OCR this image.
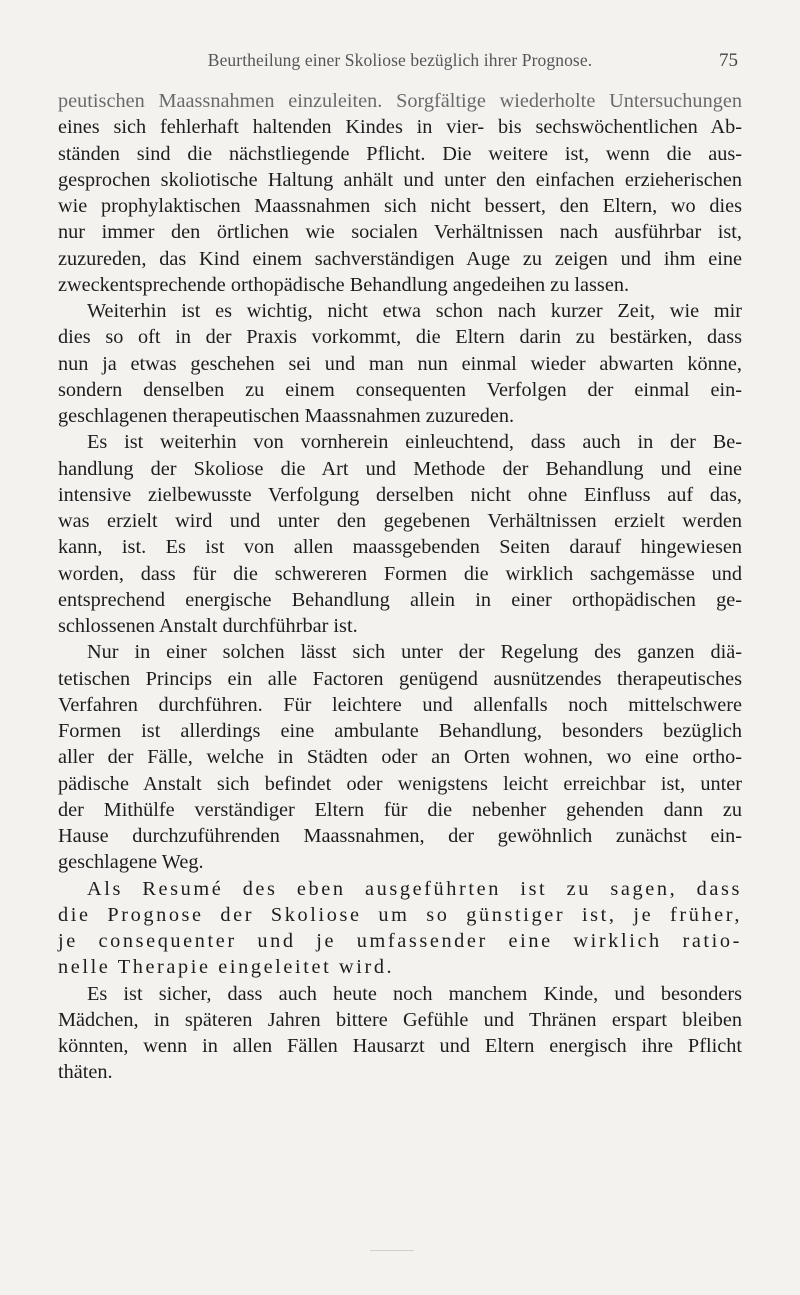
Beurtheilung einer Skoliose bezüglich ihrer Prognose.	75
peutischen Maassnahmen einzuleiten. Sorgfältige wiederholte Untersuchungen
eines sich fehlerhaft haltenden Kindes in vier- bis sechswöchentlichen Ab-
ständen sind die nächstliegende Pflicht. Die weitere ist, wenn die aus-
gesprochen skoliotische Haltung anhält und unter den einfachen erzieherischen
wie prophylaktischen Maassnahmen sich nicht bessert, den Eltern, wo dies
nur immer den örtlichen wie socialen Verhältnissen nach ausführbar ist,
zuzureden, das Kind einem sachverständigen Auge zu zeigen und ihm eine
zweckentsprechende orthopädische Behandlung angedeihen zu lassen.
Weiterhin ist es wichtig, nicht etwa schon nach kurzer Zeit, wie mir
dies so oft in der Praxis vorkommt, die Eltern darin zu bestärken, dass
nun ja etwas geschehen sei und man nun einmal wieder abwarten könne,
sondern denselben zu einem consequenten Verfolgen der einmal ein-
geschlagenen therapeutischen Maassnahmen zuzureden.
Es ist weiterhin von vornherein einleuchtend, dass auch in der Be-
handlung der Skoliose die Art und Methode der Behandlung und eine
intensive zielbewusste Verfolgung derselben nicht ohne Einfluss auf das,
was erzielt wird und unter den gegebenen Verhältnissen erzielt werden
kann, ist. Es ist von allen maassgebenden Seiten darauf hingewiesen
worden, dass für die schwereren Formen die wirklich sachgemässe und
entsprechend energische Behandlung allein in einer orthopädischen ge-
schlossenen Anstalt durchführbar ist.
Nur in einer solchen lässt sich unter der Regelung des ganzen diä-
tetischen Princips ein alle Factoren genügend ausnützendes therapeutisches
Verfahren durchführen. Für leichtere und allenfalls noch mittelschwere
Formen ist allerdings eine ambulante Behandlung, besonders bezüglich
aller der Fälle, welche in Städten oder an Orten wohnen, wo eine ortho-
pädische Anstalt sich befindet oder wenigstens leicht erreichbar ist, unter
der Mithülfe verständiger Eltern für die nebenher gehenden dann zu
Hause durchzuführenden Maassnahmen, der gewöhnlich zunächst ein-
geschlagene Weg.
Als Resumé des eben ausgeführten ist zu sagen, dass
die Prognose der Skoliose um so günstiger ist, je früher,
je consequenter und je umfassender eine wirklich ratio-
nelle Therapie eingeleitet wird.
Es ist sicher, dass auch heute noch manchem Kinde, und besonders
Mädchen, in späteren Jahren bittere Gefühle und Thränen erspart bleiben
könnten, wenn in allen Fällen Hausarzt und Eltern energisch ihre Pflicht
thäten.
